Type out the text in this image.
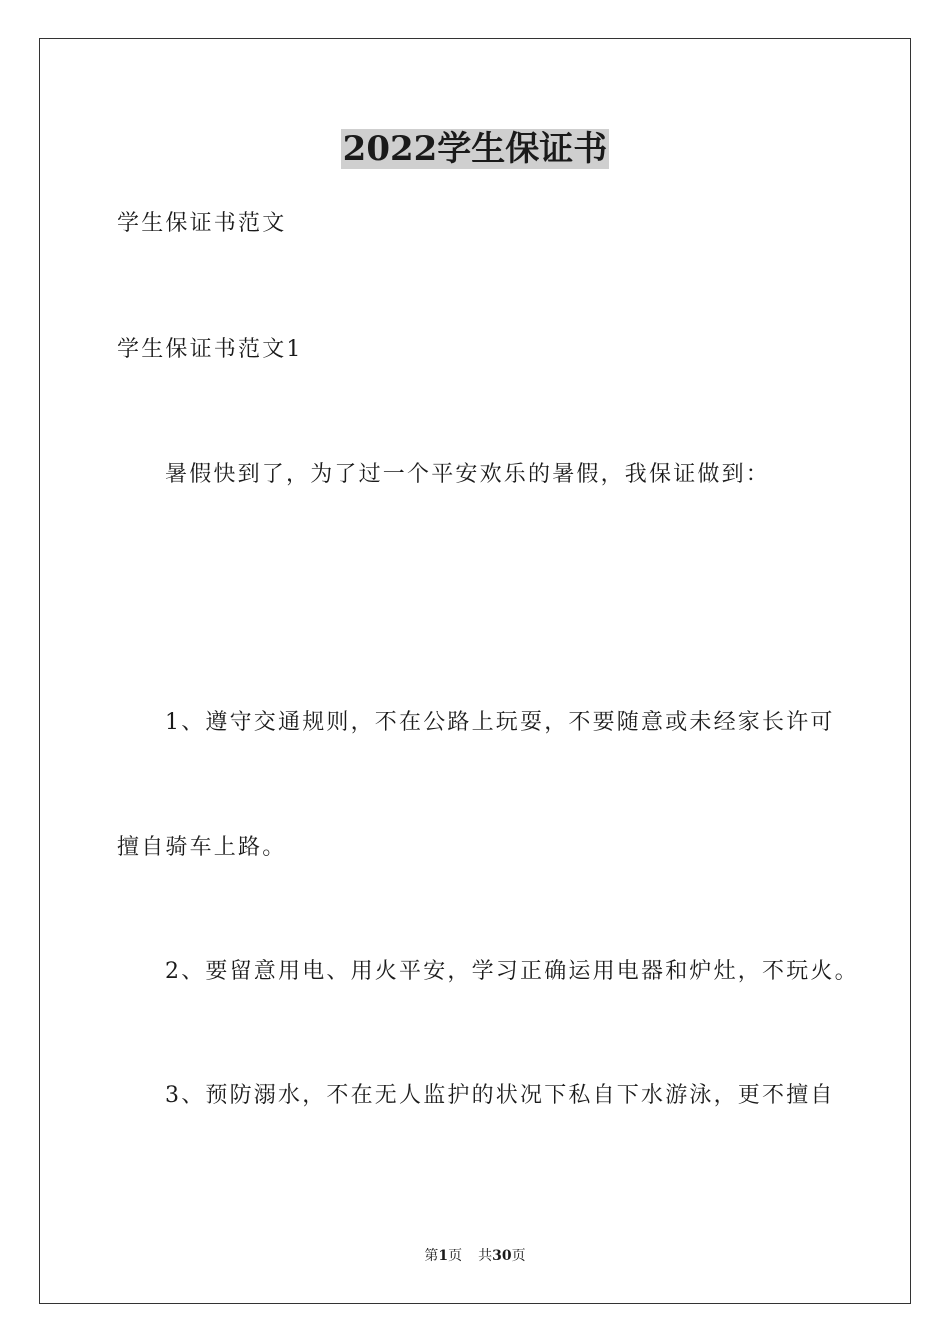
2022学生保证书
学生保证书范文
学生保证书范文1
暑假快到了，为了过一个平安欢乐的暑假，我保证做到：
1、遵守交通规则，不在公路上玩耍，不要随意或未经家长许可
擅自骑车上路。
2、要留意用电、用火平安，学习正确运用电器和炉灶，不玩火。
3、预防溺水，不在无人监护的状况下私自下水游泳，更不擅自
第1页 共30页
